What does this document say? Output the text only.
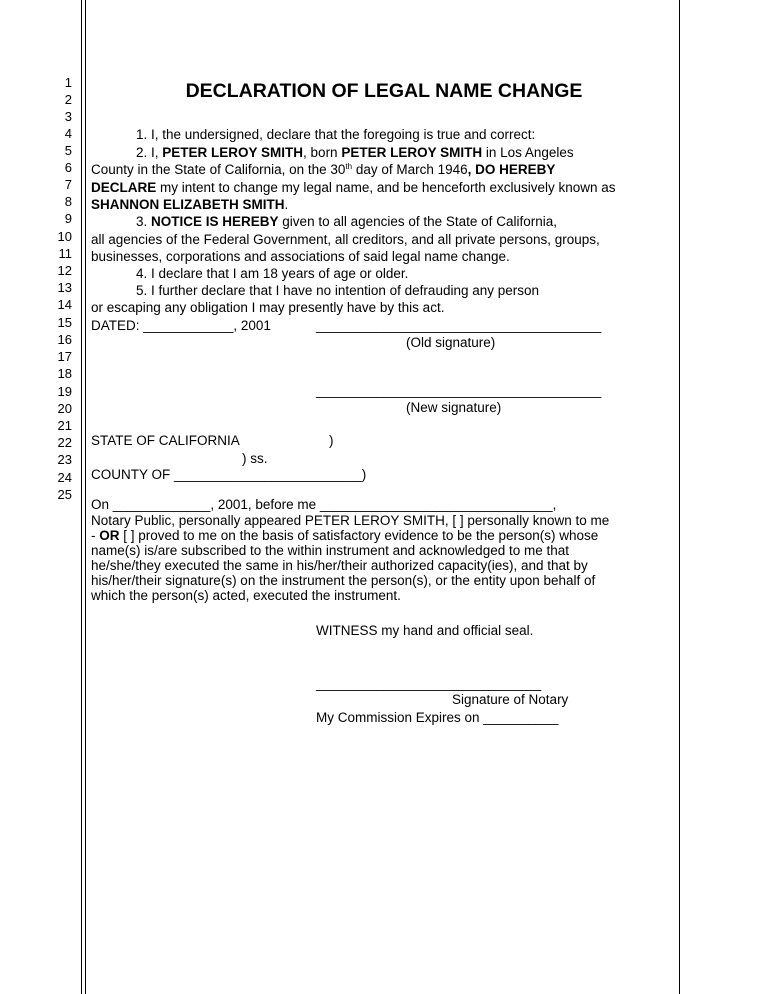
1
2
3
4
5
6
7
8
9
10
11
12
13
14
15
16
17
18
19
20
21
22
23
24
25
DECLARATION OF LEGAL NAME CHANGE
1. I, the undersigned, declare that the foregoing is true and correct:
2. I, PETER LEROY SMITH, born PETER LEROY SMITH in Los Angeles
County in the State of California, on the 30th day of March 1946, DO HEREBY
DECLARE my intent to change my legal name, and be henceforth exclusively known as
SHANNON ELIZABETH SMITH.
3. NOTICE IS HEREBY given to all agencies of the State of California,
all agencies of the Federal Government, all creditors, and all private persons, groups,
businesses, corporations and associations of said legal name change.
4. I declare that I am 18 years of age or older.
5. I further declare that I have no intention of defrauding any person
or escaping any obligation I may presently have by this act.
DATED: ____________, 2001	______________________________________
(Old signature)
______________________________________
(New signature)
STATE OF CALIFORNIA	)
) ss.
COUNTY OF _________________________)
On _____________, 2001, before me _______________________________,
Notary Public, personally appeared PETER LEROY SMITH, [ ] personally known to me
- OR [ ] proved to me on the basis of satisfactory evidence to be the person(s) whose
name(s) is/are subscribed to the within instrument and acknowledged to me that
he/she/they executed the same in his/her/their authorized capacity(ies), and that by
his/her/their signature(s) on the instrument the person(s), or the entity upon behalf of
which the person(s) acted, executed the instrument.
WITNESS my hand and official seal.
______________________________
Signature of Notary
My Commission Expires on __________
